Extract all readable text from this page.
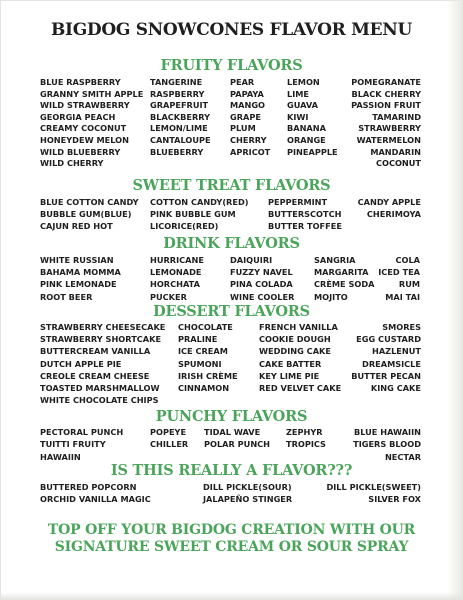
BIGDOG SNOWCONES FLAVOR MENU
FRUITY FLAVORS
BLUE RASPBERRY
GRANNY SMITH APPLE
WILD STRAWBERRY
GEORGIA PEACH
CREAMY COCONUT
HONEYDEW MELON
WILD BLUEBERRY
WILD CHERRY
TANGERINE
RASPBERRY
GRAPEFRUIT
BLACKBERRY
LEMON/LIME
CANTALOUPE
BLUEBERRY
PEAR
PAPAYA
MANGO
GRAPE
PLUM
CHERRY
APRICOT
LEMON
LIME
GUAVA
KIWI
BANANA
ORANGE
PINEAPPLE
POMEGRANATE
BLACK CHERRY
PASSION FRUIT
TAMARIND
STRAWBERRY
WATERMELON
MANDARIN
COCONUT
SWEET TREAT FLAVORS
BLUE COTTON CANDY
BUBBLE GUM(BLUE)
CAJUN RED HOT
COTTON CANDY(RED)
PINK BUBBLE GUM
LICORICE(RED)
PEPPERMINT
BUTTERSCOTCH
BUTTER TOFFEE
CANDY APPLE
CHERIMOYA
DRINK FLAVORS
WHITE RUSSIAN
BAHAMA MOMMA
PINK LEMONADE
ROOT BEER
HURRICANE
LEMONADE
HORCHATA
PUCKER
DAIQUIRI
FUZZY NAVEL
PINA COLADA
WINE COOLER
SANGRIA
MARGARITA
CRÈME SODA
MOJITO
COLA
ICED TEA
RUM
MAI TAI
DESSERT FLAVORS
STRAWBERRY CHEESECAKE
STRAWBERRY SHORTCAKE
BUTTERCREAM VANILLA
DUTCH APPLE PIE
CREOLE CREAM CHEESE
TOASTED MARSHMALLOW
WHITE CHOCOLATE CHIPS
CHOCOLATE
PRALINE
ICE CREAM
SPUMONI
IRISH CRÈME
CINNAMON
FRENCH VANILLA
COOKIE DOUGH
WEDDING CAKE
CAKE BATTER
KEY LIME PIE
RED VELVET CAKE
SMORES
EGG CUSTARD
HAZLENUT
DREAMSICLE
BUTTER PECAN
KING CAKE
PUNCHY FLAVORS
PECTORAL PUNCH
TUITTI FRUITY
HAWAIIN
POPEYE
CHILLER
TIDAL WAVE
POLAR PUNCH
ZEPHYR
TROPICS
BLUE HAWAIIN
TIGERS BLOOD
NECTAR
IS THIS REALLY A FLAVOR???
BUTTERED POPCORN
ORCHID VANILLA MAGIC
DILL PICKLE(SOUR)
JALAPEÑO STINGER
DILL PICKLE(SWEET)
SILVER FOX
TOP OFF YOUR BIGDOG CREATION WITH OUR
SIGNATURE SWEET CREAM OR SOUR SPRAY
